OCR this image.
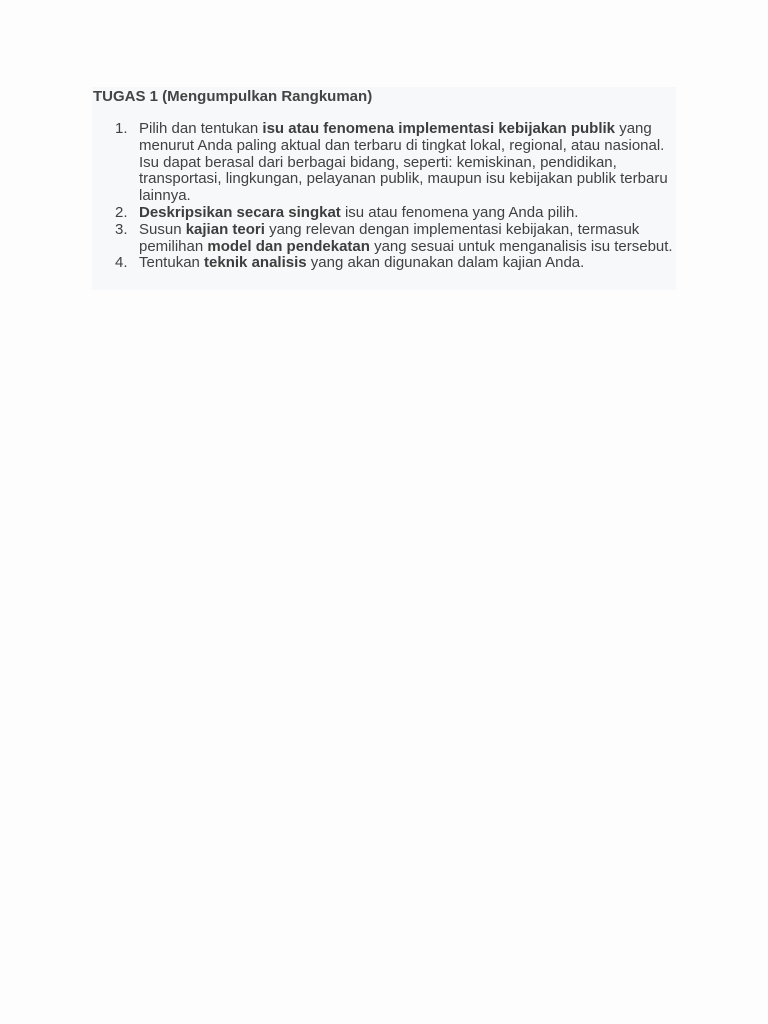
TUGAS 1 (Mengumpulkan Rangkuman)
1. Pilih dan tentukan isu atau fenomena implementasi kebijakan publik yang menurut Anda paling aktual dan terbaru di tingkat lokal, regional, atau nasional. Isu dapat berasal dari berbagai bidang, seperti: kemiskinan, pendidikan, transportasi, lingkungan, pelayanan publik, maupun isu kebijakan publik terbaru lainnya.
2. Deskripsikan secara singkat isu atau fenomena yang Anda pilih.
3. Susun kajian teori yang relevan dengan implementasi kebijakan, termasuk pemilihan model dan pendekatan yang sesuai untuk menganalisis isu tersebut.
4. Tentukan teknik analisis yang akan digunakan dalam kajian Anda.
